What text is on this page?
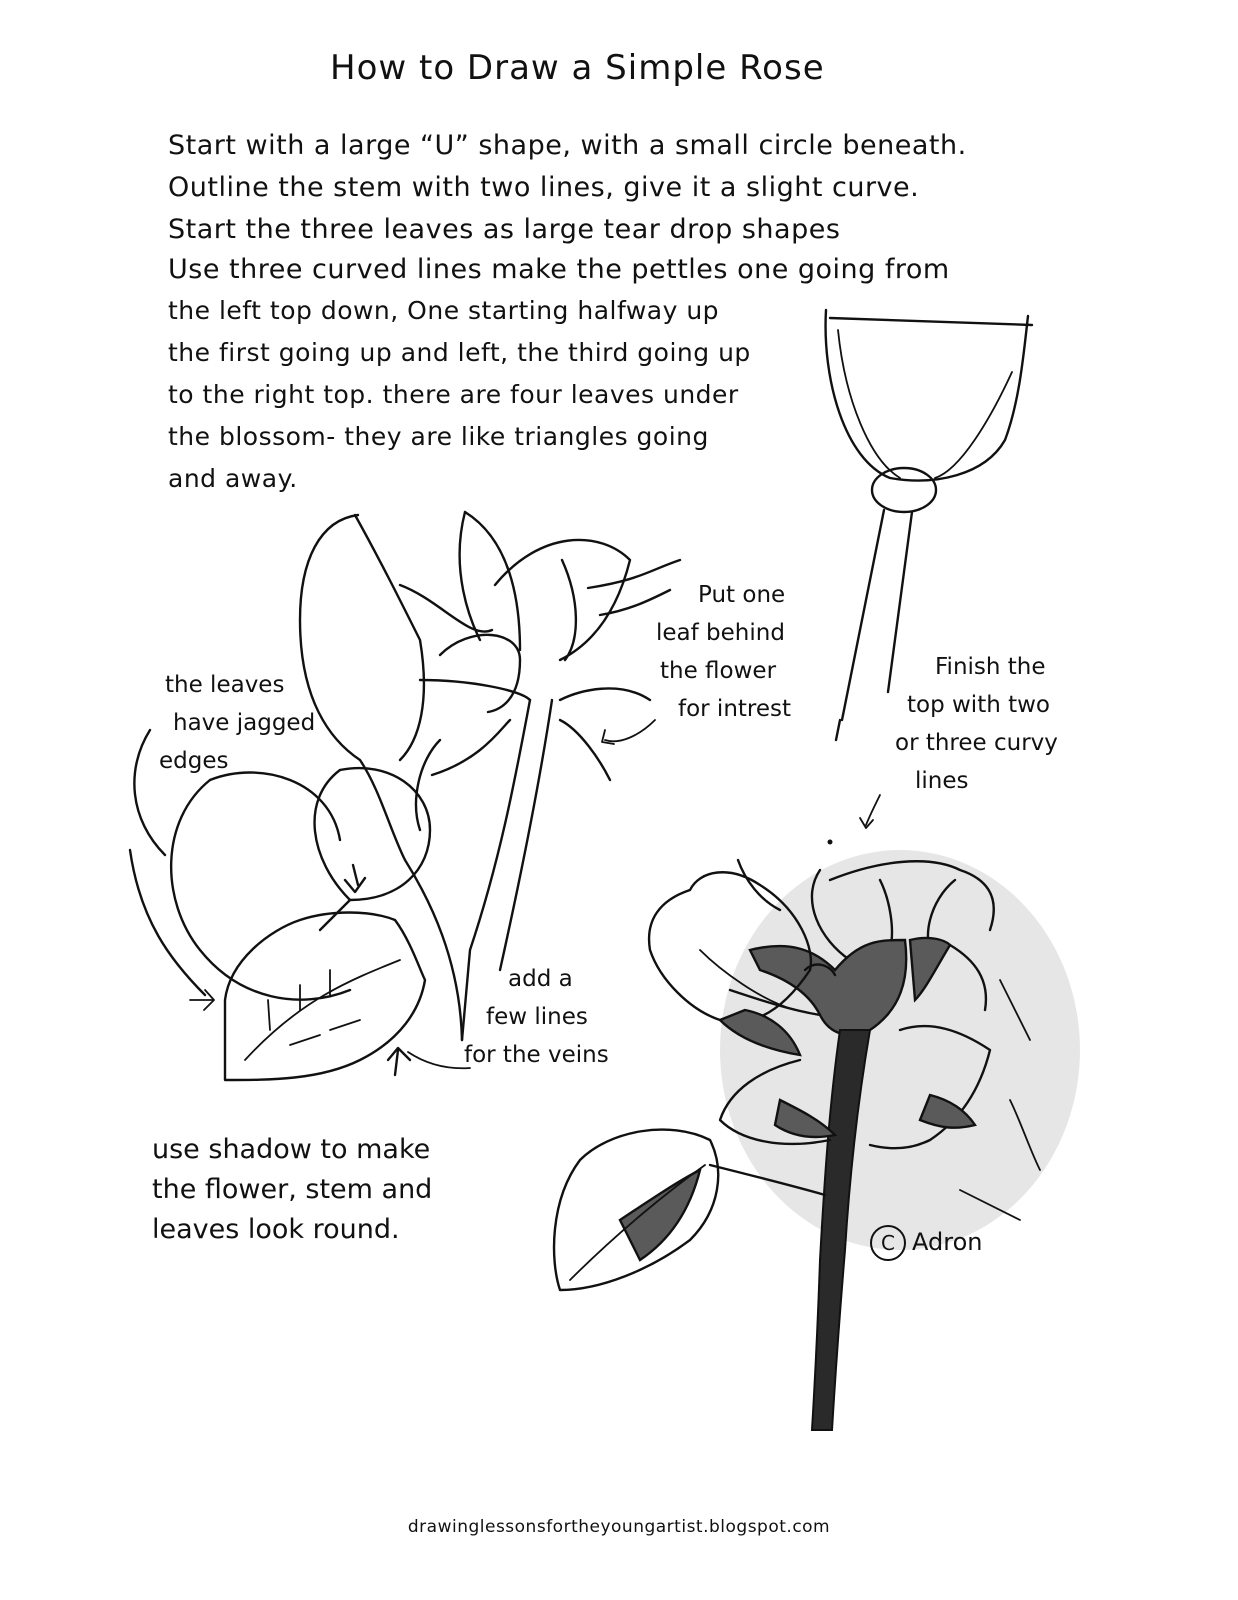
How to Draw a Simple Rose
Start with a large “U” shape, with a small circle beneath.
Outline the stem with two lines, give it a slight curve.
Start the three leaves as large tear drop shapes
Use three curved lines make the pettles one going from
the left top down, One starting halfway up
the first going up and left, the third going up
to the right top. there are four leaves under
the blossom- they are like triangles going
and away.
Put one
leaf behind
the flower
for intrest
Finish the
top with two
or three curvy
lines
the leaves
have jagged
edges
add a
few lines
for the veins
use shadow to make
the flower, stem and
leaves look round.	C Adron
drawinglessonsfortheyoungartist.blogspot.com
